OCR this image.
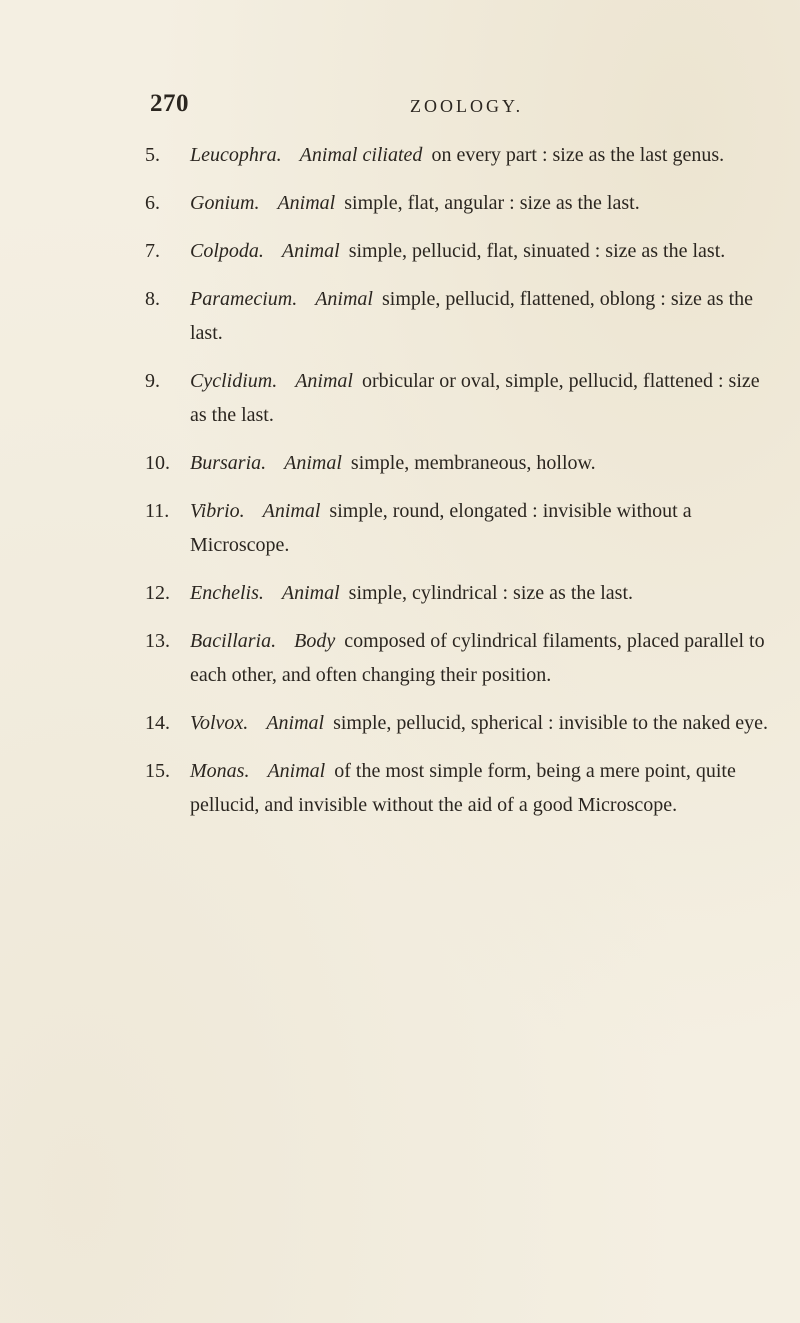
270	ZOOLOGY.
5.	Leucophra. Animal ciliated on every part : size as the last genus.
6.	Gonium. Animal simple, flat, angular : size as the last.
7.	Colpoda. Animal simple, pellucid, flat, sinuated : size as the last.
8.	Paramecium. Animal simple, pellucid, flattened, oblong : size as the last.
9.	Cyclidium. Animal orbicular or oval, simple, pellucid, flattened : size as the last.
10.	Bursaria. Animal simple, membraneous, hollow.
11.	Vibrio. Animal simple, round, elongated : invisible without a Microscope.
12.	Enchelis. Animal simple, cylindrical : size as the last.
13.	Bacillaria. Body composed of cylindrical filaments, placed parallel to each other, and often changing their position.
14.	Volvox. Animal simple, pellucid, spherical : invisible to the naked eye.
15.	Monas. Animal of the most simple form, being a mere point, quite pellucid, and invisible without the aid of a good Microscope.
